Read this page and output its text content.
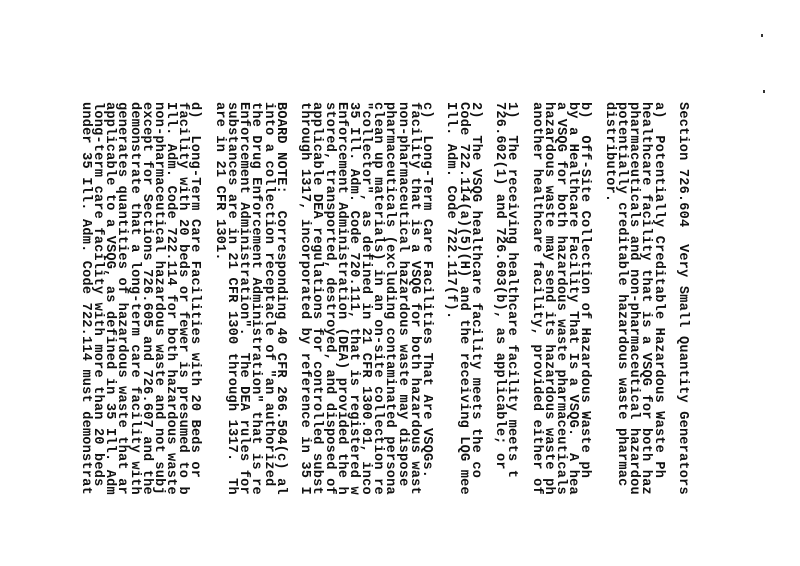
Section 726.604  Very Small Quantity Generators
a)  Potentially Creditable Hazardous Waste Ph
healthcare facility that is a VSQG for both haz
pharmaceuticals and non-pharmaceutical hazardou
potentially creditable hazardous waste pharmac
distributor.
b)  Off-Site Collection of Hazardous Waste ph
by a Healthcare Facility That Is a VSQG.  A hea
a VSQG for both hazardous waste pharmaceuticals
hazardous waste may send its hazardous waste ph
another healthcare facility, provided either of
1)  The receiving healthcare facility meets t
726.602(1) and 726.603(b), as applicable; or
2)  The VSQG healthcare facility meets the co
Code 722.114(a)(5)(H) and the receiving LQG mee
Ill. Adm. Code 722.117(f).
c)  Long-Term Care Facilities That Are VSQGs.
facility that is a VSQG for both hazardous wast
non-pharmaceutical hazardous waste may dispose
pharmaceuticals (excluding contaminated persona
clean up materials) in an on-site collection re
"collector", as defined in 21 CFR 1300.01, inco
35 Ill. Adm. Code 720.111, that is registered w
Enforcement Administration (DEA) provided the h
stored, transported, destroyed, and disposed of
applicable DEA regulations for controlled subst
through 1317, incorporated by reference in 35 I
BOARD NOTE:  Corresponding 40 CFR 266.504(c) al
into a collection receptacle of "an authorized
the Drug Enforcement Administration" that is re
Enforcement Administration".  The DEA rules for
substances are in 21 CFR 1300 through 1317.  Th
are in 21 CFR 1301.
d)  Long-Term Care Facilities with 20 Beds or
facility with 20 beds or fewer is presumed to b
Ill. Adm. Code 722.114 for both hazardous waste
non-pharmaceutical hazardous waste and not subj
except for Sections 726.605 and 726.607 and the
demonstrate that a long-term care facility with
generates quantities of hazardous waste that ar
applicable to a VSQG, as defined in 35 Ill. Adm
long-term care facility with more than 20 beds
under 35 Ill. Adm. Code 722.114 must demonstrat
